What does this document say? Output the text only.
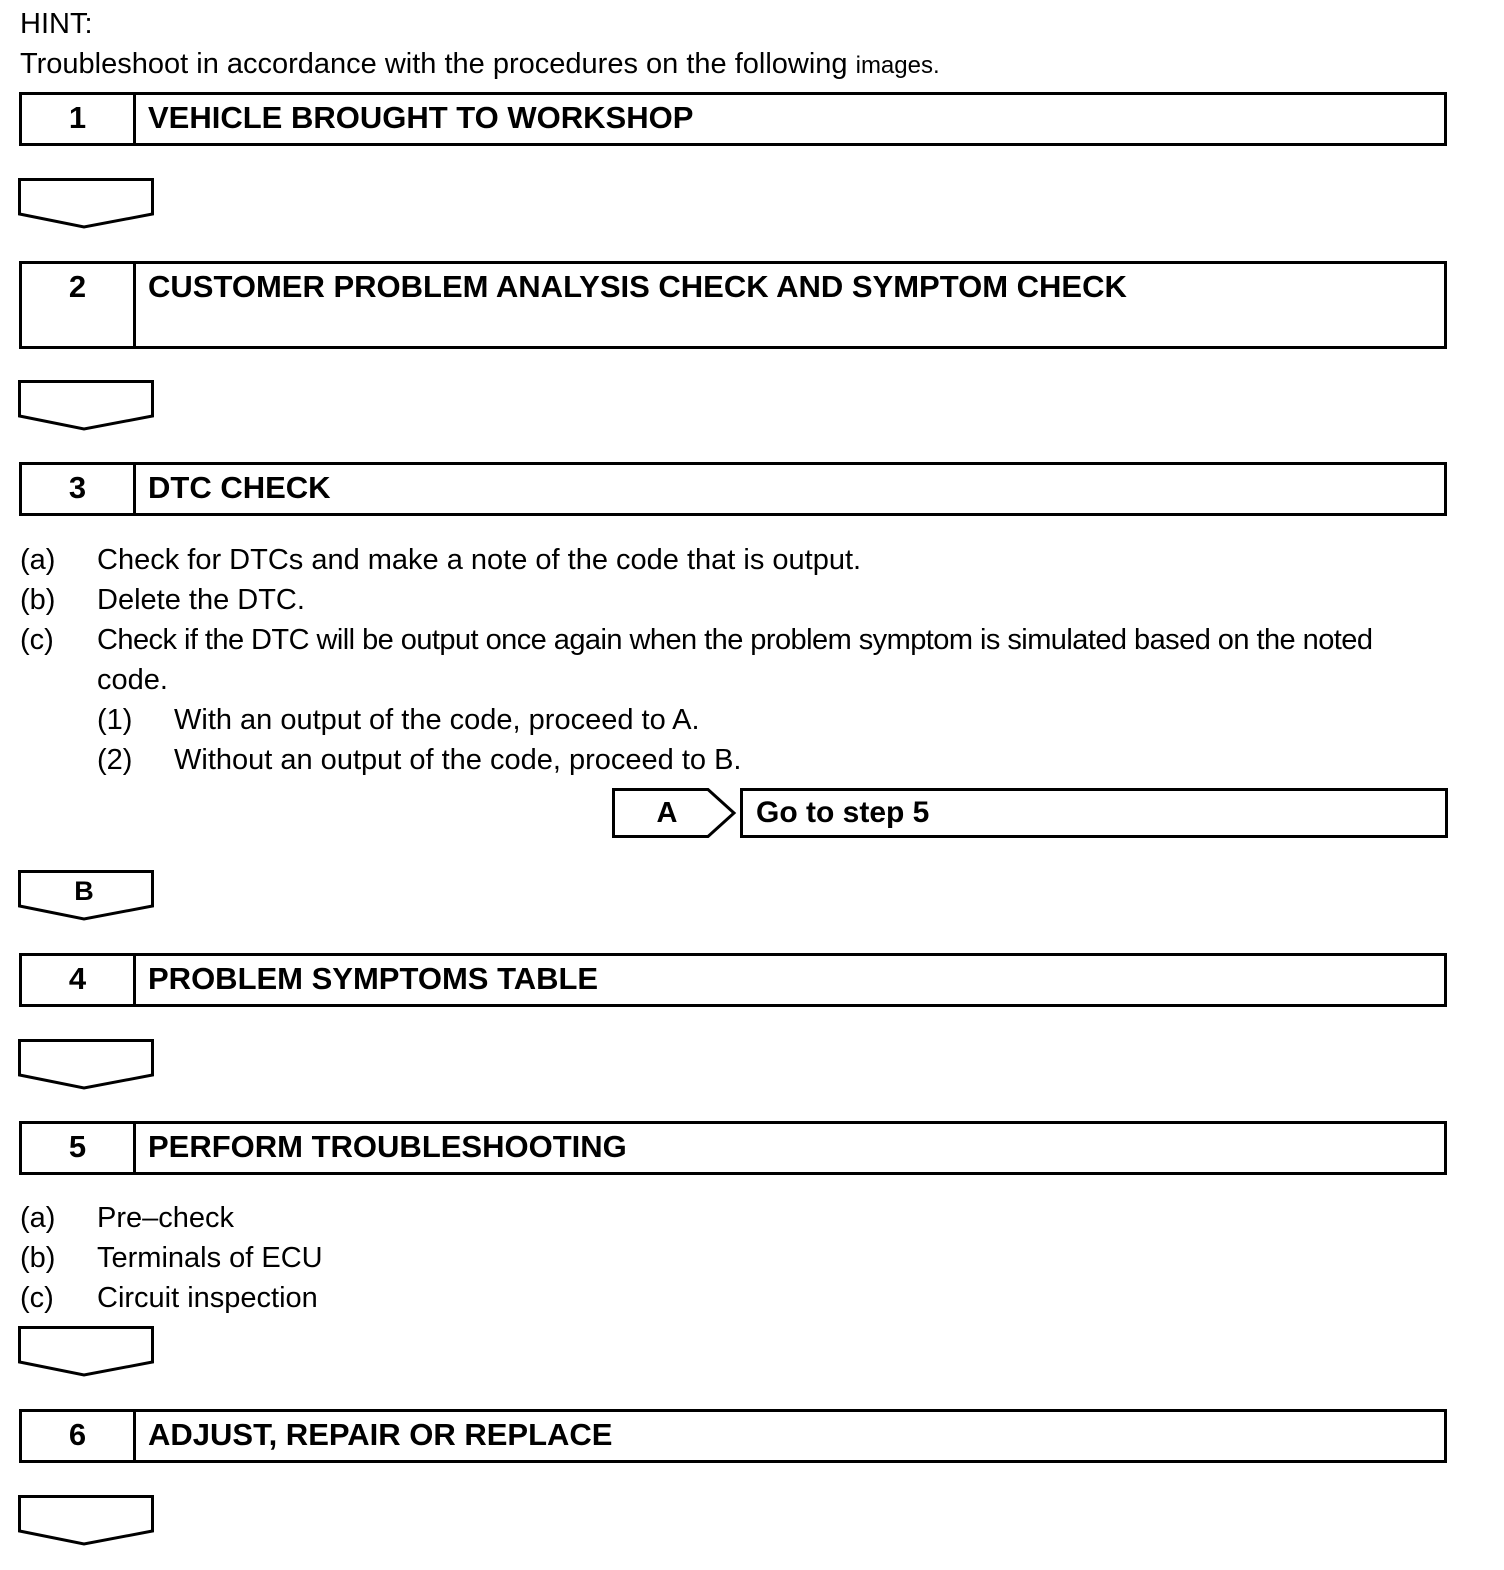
HINT:
Troubleshoot in accordance with the procedures on the following images.
1	VEHICLE BROUGHT TO WORKSHOP
2	CUSTOMER PROBLEM ANALYSIS CHECK AND SYMPTOM CHECK
3	DTC CHECK
(a) Check for DTCs and make a note of the code that is output.
(b) Delete the DTC.
(c) Check if the DTC will be output once again when the problem symptom is simulated based on the noted
code.
(1) With an output of the code, proceed to A.
(2) Without an output of the code, proceed to B.
A	Go to step 5
B
4	PROBLEM SYMPTOMS TABLE
5	PERFORM TROUBLESHOOTING
(a) Pre–check
(b) Terminals of ECU
(c) Circuit inspection
6	ADJUST, REPAIR OR REPLACE
